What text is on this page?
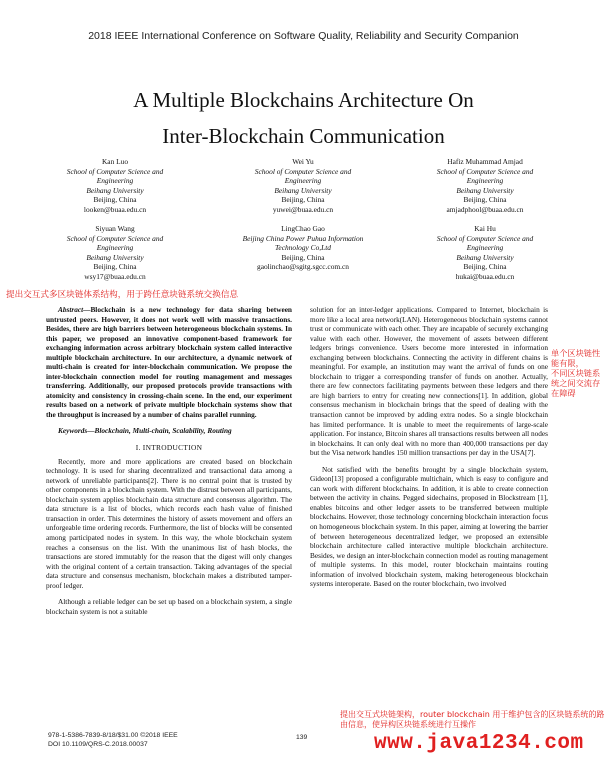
2018 IEEE International Conference on Software Quality, Reliability and Security Companion
A Multiple Blockchains Architecture On
Inter-Blockchain Communication
Kan Luo
School of Computer Science and
Engineering
Beihang University
Beijing, China
looken@buaa.edu.cn
Wei Yu
School of Computer Science and
Engineering
Beihang University
Beijing, China
yuwei@buaa.edu.cn
Hafiz Muhammad Amjad
School of Computer Science and
Engineering
Beihang University
Beijing, China
amjadphool@buaa.edu.cn
Siyuan Wang
School of Computer Science and
Engineering
Beihang University
Beijing, China
wsy17@buaa.edu.cn
LingChao Gao
Beijing China Power Puhua Information
Technology Co,Ltd
Beijing, China
gaolinchao@sgitg.sgcc.com.cn
Kai Hu
School of Computer Science and
Engineering
Beihang University
Beijing, China
hukai@buaa.edu.cn
提出交互式多区块链体系结构，用于跨任意块链系统交换信息

Abstract—Blockchain is a new technology for data sharing between untrusted peers. However, it does not work well with massive transactions. Besides, there are high barriers between heterogeneous blockchain systems. In this paper, we proposed an innovative component-based framework for exchanging information across arbitrary blockchain system called interactive multiple blockchain architecture. In our architecture, a dynamic network of multi-chain is created for inter-blockchain communication. We propose the inter-blockchain connection model for routing management and messages transferring. Additionally, our proposed protocols provide transactions with atomicity and consistency in crossing-chain scene. In the end, our experiment results based on a network of private multiple blockchain systems show that the throughput is increased by a number of chains parallel running.

Keywords—Blockchain, Multi-chain, Scalability, Routing

I. INTRODUCTION

Recently, more and more applications are created based on blockchain technology. It is used for sharing decentralized and transactional data among a network of unreliable participants[2]. There is no central point that is trusted by other components in a blockchain system. With the distrust between all participants, blockchain system applies blockchain data structure and consensus algorithm. The data structure is a list of blocks, which records each hash value of finished transaction in order. This determines the history of assets movement and offers an unforgeable time ordering records. Furthermore, the list of blocks will be consented among participated nodes in system. In this way, the whole blockchain system reaches a consensus on the list. With the unanimous list of hash blocks, the transactions are stored immutably for the reason that the digest will only changes with the original content of a certain transaction. Taking advantages of the special data structure and consensus mechanism, blockchain makes a distributed tamper-proof ledger.

Although a reliable ledger can be set up based on a blockchain system, a single blockchain system is not a suitable

solution for an inter-ledger applications. Compared to Internet, blockchain is more like a local area network(LAN). Heterogeneous blockchain systems cannot trust or communicate with each other. They are incapable of securely exchanging value with each other. However, the movement of assets between different ledgers brings convenience. Users become more interested in information exchanging between blockchains. Connecting the activity in different chains is meaningful. For example, an institution may want the arrival of funds on one blockchain to trigger a corresponding transfer of funds on another. Actually, there are few connectors facilitating payments between these ledgers and there are high barriers to entry for creating new connections[1]. In addition, global consensus mechanism in blockchain brings that the speed of dealing with the transaction cannot be improved by adding extra nodes. So a single blockchain has limited performance. It is unable to meet the requirements of large-scale application. For instance, Bitcoin shares all transactions results between all nodes in blockchains. It can only deal with no more than 400,000 transactions per day but the Visa network handles 150 million transactions per day in the USA[7].

Not satisfied with the benefits brought by a single blockchain system, Gideon[13] proposed a configurable multichain, which is easy to configure and can work with different blockchains. In addition, it is able to create connection between the activity in chains. Pegged sidechains, proposed in Blockstream [1], enables bitcoins and other ledger assets to be transferred between multiple blockchains. However, those technology concerning blockchain interaction focus on homogeneous blockchain system. In this paper, aiming at lowering the barrier of between heterogeneous decentralized ledger, we proposed an extensible blockchain architecture called interactive multiple blockchain architecture. Besides, we design an inter-blockchain connection model as routing management of multiple systems. In this model, router blockchain maintains routing information of involved blockchain system, making heterogeneous blockchain systems interoperate. Based on the router blockchain, two involved

单个区块链性能有限，
不同区块链系统之间交流存在障碍
提出交互式块链架构，router blockchain 用于维护包含的区块链系统的路由信息，使异构区块链系统进行互操作
978-1-5386-7839-8/18/$31.00 ©2018 IEEE
DOI 10.1109/QRS-C.2018.00037
139	www.java1234.com
